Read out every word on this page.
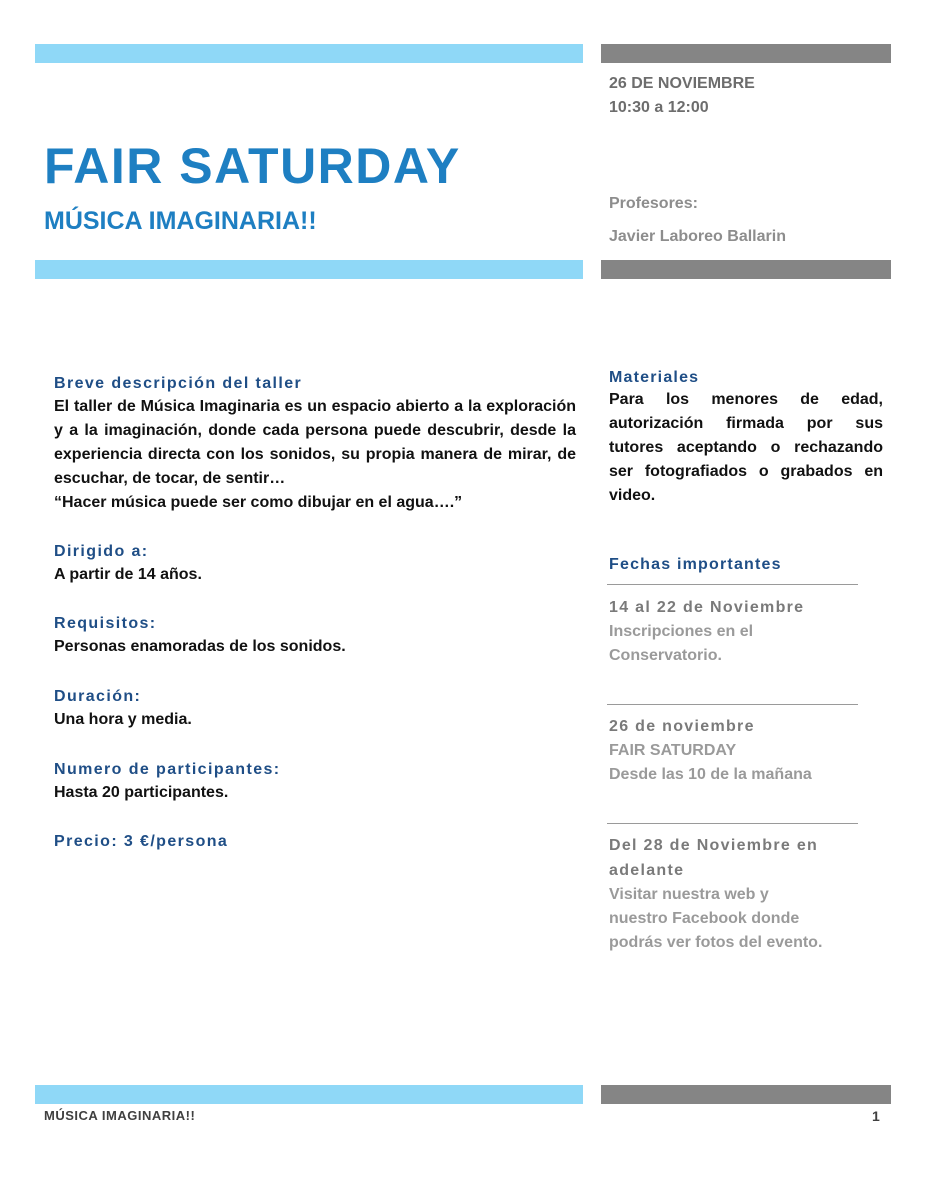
FAIR SATURDAY
MÚSICA IMAGINARIA!!
26 DE NOVIEMBRE
10:30 a 12:00
Profesores:
Javier Laboreo Ballarin
Breve descripción del taller
El taller de Música Imaginaria es un espacio abierto a la exploración y a la imaginación, donde cada persona puede descubrir, desde la experiencia directa con los sonidos, su propia manera de mirar, de escuchar, de tocar, de sentir…
“Hacer música puede ser como dibujar en el agua….”
Dirigido a:
A partir de 14 años.
Requisitos:
Personas enamoradas de los sonidos.
Duración:
Una hora y media.
Numero de participantes:
Hasta 20 participantes.
Precio: 3 €/persona
Materiales
Para los menores de edad, autorización firmada por sus tutores aceptando o rechazando ser fotografiados o grabados en video.
Fechas importantes
14 al 22 de Noviembre
Inscripciones en el
Conservatorio.
26 de noviembre
FAIR SATURDAY
Desde las 10 de la mañana
Del 28 de Noviembre en
adelante
Visitar nuestra web y
nuestro Facebook donde
podrás ver fotos del evento.
MÚSICA IMAGINARIA!!	1
